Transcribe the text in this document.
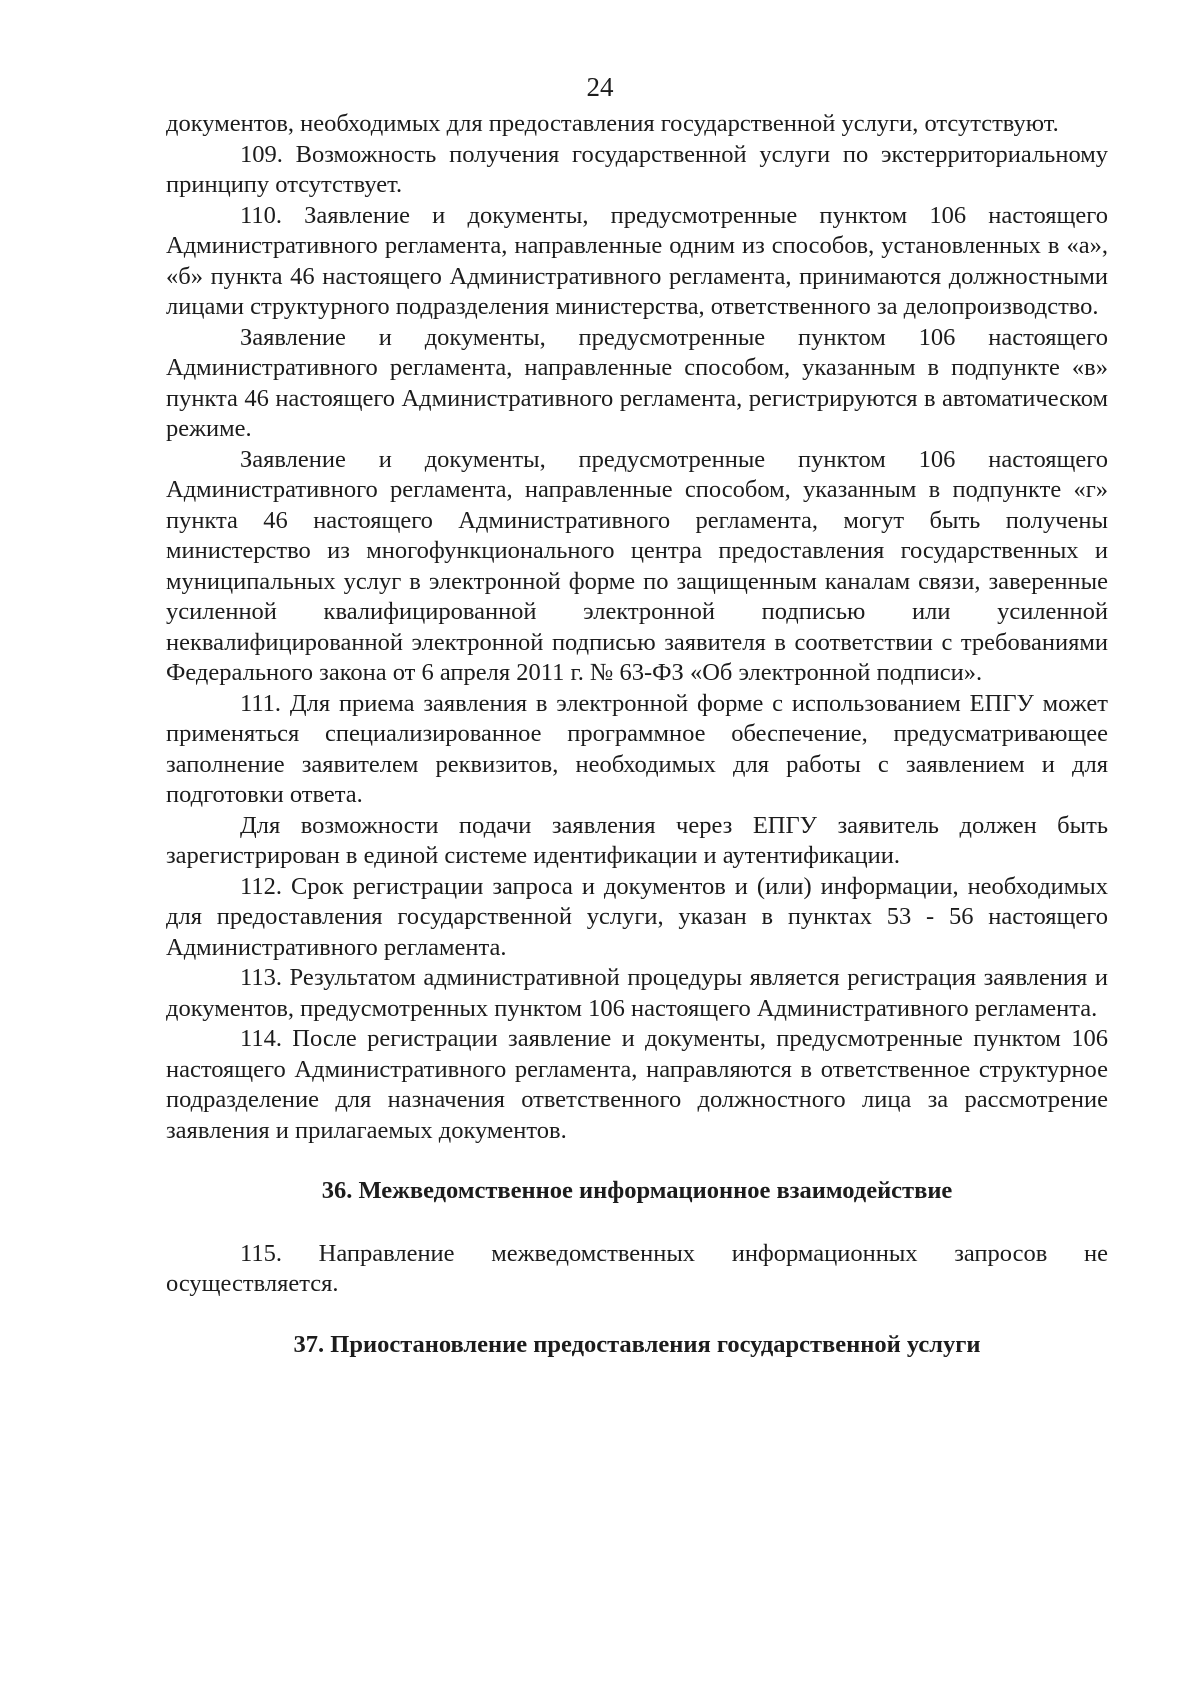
24

документов, необходимых для предоставления государственной услуги, отсутствуют.

109. Возможность получения государственной услуги по экстерриториальному принципу отсутствует.

110. Заявление и документы, предусмотренные пунктом 106 настоящего Административного регламента, направленные одним из способов, установленных в «а», «б» пункта 46 настоящего Административного регламента, принимаются должностными лицами структурного подразделения министерства, ответственного за делопроизводство.

Заявление и документы, предусмотренные пунктом 106 настоящего Административного регламента, направленные способом, указанным в подпункте «в» пункта 46 настоящего Административного регламента, регистрируются в автоматическом режиме.

Заявление и документы, предусмотренные пунктом 106 настоящего Административного регламента, направленные способом, указанным в подпункте «г» пункта 46 настоящего Административного регламента, могут быть получены министерство из многофункционального центра предоставления государственных и муниципальных услуг в электронной форме по защищенным каналам связи, заверенные усиленной квалифицированной электронной подписью или усиленной неквалифицированной электронной подписью заявителя в соответствии с требованиями Федерального закона от 6 апреля 2011 г. № 63-ФЗ «Об электронной подписи».

111. Для приема заявления в электронной форме с использованием ЕПГУ может применяться специализированное программное обеспечение, предусматривающее заполнение заявителем реквизитов, необходимых для работы с заявлением и для подготовки ответа.

Для возможности подачи заявления через ЕПГУ заявитель должен быть зарегистрирован в единой системе идентификации и аутентификации.

112. Срок регистрации запроса и документов и (или) информации, необходимых для предоставления государственной услуги, указан в пунктах 53 - 56 настоящего Административного регламента.

113. Результатом административной процедуры является регистрация заявления и документов, предусмотренных пунктом 106 настоящего Административного регламента.

114. После регистрации заявление и документы, предусмотренные пунктом 106 настоящего Административного регламента, направляются в ответственное структурное подразделение для назначения ответственного должностного лица за рассмотрение заявления и прилагаемых документов.

36. Межведомственное информационное взаимодействие

115. Направление межведомственных информационных запросов не осуществляется.

37. Приостановление предоставления государственной услуги
